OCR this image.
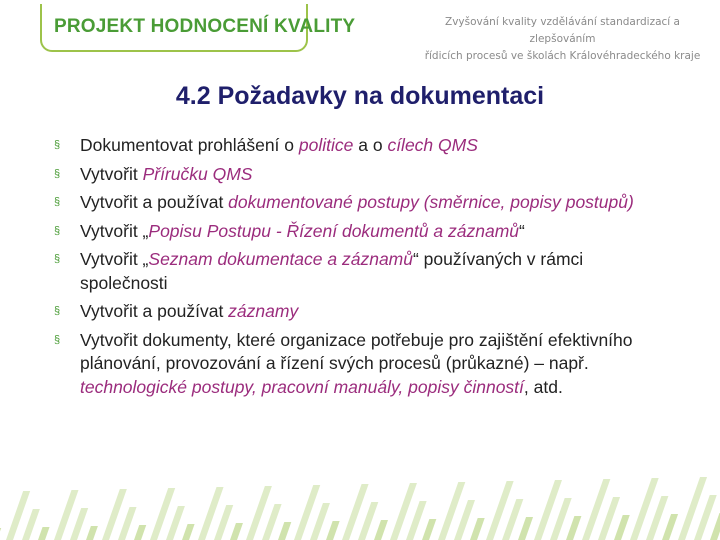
PROJEKT HODNOCENÍ KVALITY	Zvyšování kvality vzdělávání standardizací a zlepšováním
řídicích procesů ve školách Královéhradeckého kraje
4.2 Požadavky na dokumentaci
§ Dokumentovat prohlášení o politice a o cílech QMS
§ Vytvořit Příručku QMS
§ Vytvořit a používat dokumentované postupy (směrnice, popisy postupů)
§ Vytvořit „Popisu Postupu - Řízení dokumentů a záznamů“
§ Vytvořit „Seznam dokumentace a záznamů“ používaných v rámci společnosti
§ Vytvořit a používat záznamy
§ Vytvořit dokumenty, které organizace potřebuje pro zajištění efektivního plánování, provozování a řízení svých procesů (průkazné) – např. technologické postupy, pracovní manuály, popisy činností, atd.
